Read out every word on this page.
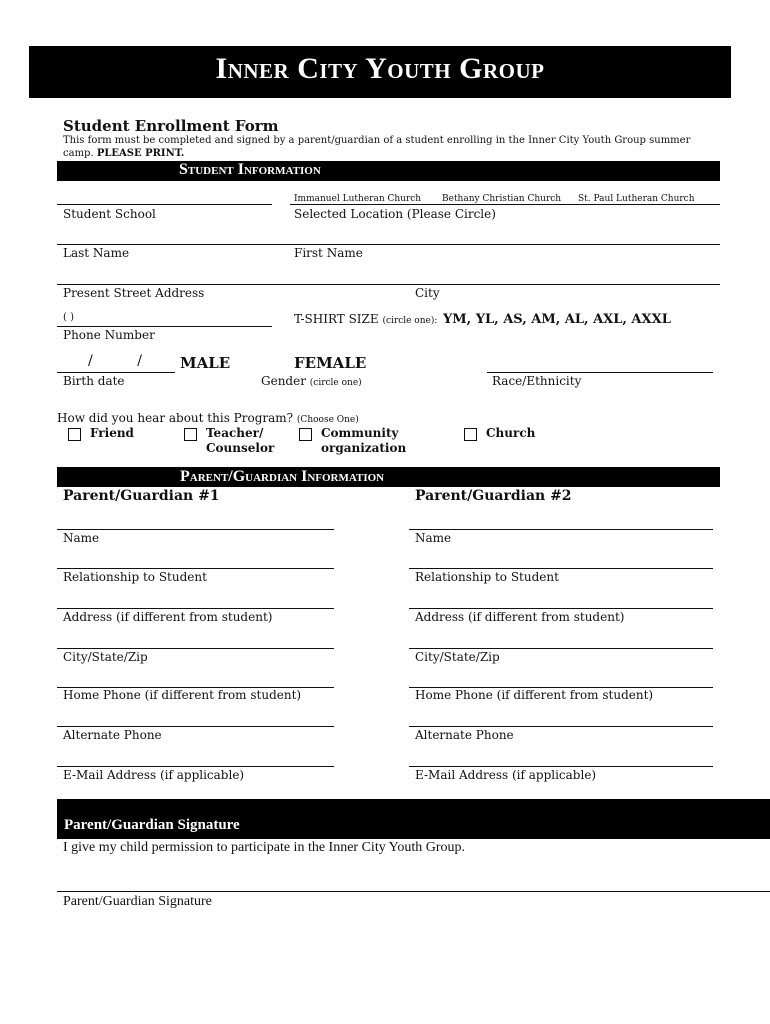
Inner City Youth Group
Student Enrollment Form
This form must be completed and signed by a parent/guardian of a student enrolling in the Inner City Youth Group summer
camp. PLEASE PRINT.
Student Information
Student School
Immanuel Lutheran Church Bethany Christian Church St. Paul Lutheran Church
Selected Location (Please Circle)
Last Name	First Name
Present Street Address	City
( )
Phone Number
T-SHIRT SIZE (circle one): YM, YL, AS, AM, AL, AXL, AXXL
/          /
Birth date
MALE	FEMALE
Gender (circle one)	Race/Ethnicity
How did you hear about this Program? (Choose One)
Friend	Teacher/
Counselor
Community
organization
Church
Parent/Guardian Information
Parent/Guardian #1	Parent/Guardian #2
Name	Name
Relationship to Student	Relationship to Student
Address (if different from student)	Address (if different from student)
City/State/Zip	City/State/Zip
Home Phone (if different from student)	Home Phone (if different from student)
Alternate Phone	Alternate Phone
E-Mail Address (if applicable)	E-Mail Address (if applicable)
Parent/Guardian Signature
I give my child permission to participate in the Inner City Youth Group.
Parent/Guardian Signature
